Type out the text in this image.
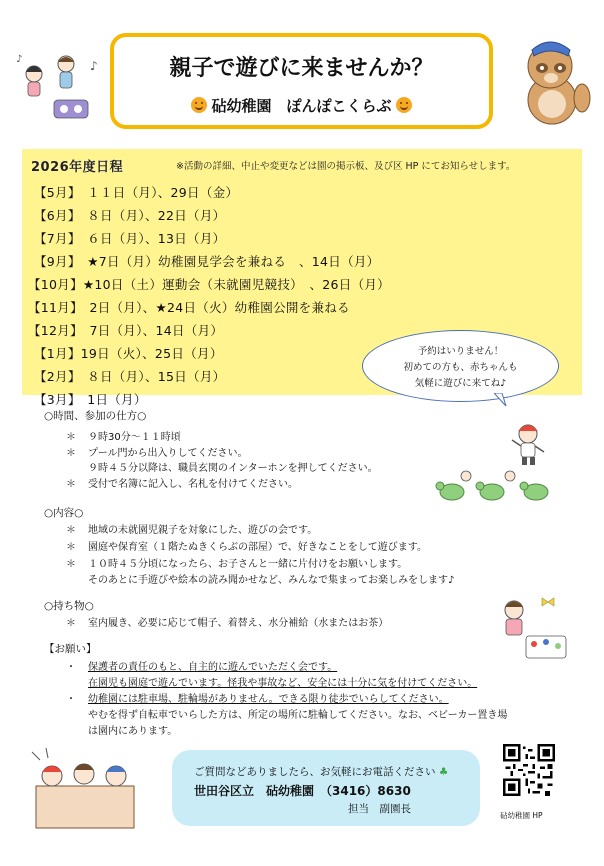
♪
♪	親子で遊びに来ませんか？
砧幼稚園　ぽんぽこくらぶ
2026年度日程	※活動の詳細、中止や変更などは園の掲示板、及び区 HP にてお知らせします。
【5月】　１１日（月）、29日（金）
【6月】　８日（月）、22日（月）
【7月】　６日（月）、13日（月）
【9月】　★7日（月）幼稚園見学会を兼ねる　、14日（月）
【10月】★10日（土）運動会（未就園児競技）　、26日（月）
【11月】　2日（月）、★24日（火）幼稚園公開を兼ねる
【12月】　7日（月）、14日（月）
【1月】19日（火）、25日（月）
【2月】　８日（月）、15日（月）
【3月】　1日（月）
予約はいりません！
初めての方も、赤ちゃんも
気軽に遊びに来てね♪
○時間、参加の仕方○
＊ ９時30分～１１時頃
＊ プール門から出入りしてください。
９時４５分以降は、職員玄関のインターホンを押してください。
＊ 受付で名簿に記入し、名札を付けてください。
○内容○
＊ 地域の未就園児親子を対象にした、遊びの会です。
＊ 園庭や保育室（１階たぬきくらぶの部屋）で、好きなことをして遊びます。
＊ １０時４５分頃になったら、お子さんと一緒に片付けをお願いします。
そのあとに手遊びや絵本の読み聞かせなど、みんなで集まってお楽しみをします♪
○持ち物○
＊ 室内履き、必要に応じて帽子、着替え、水分補給（水またはお茶）
【お願い】
・ 保護者の責任のもと、自主的に遊んでいただく会です。
在園児も園庭で遊んでいます。怪我や事故など、安全には十分に気を付けてください。
・ 幼稚園には駐車場、駐輪場がありません。できる限り徒歩でいらしてください。
やむを得ず自転車でいらした方は、所定の場所に駐輪してください。なお、ベビーカー置き場
は園内にあります。
ご質問などありましたら、お気軽にお電話ください ♣
世田谷区立　砧幼稚園　（3416）8630
担当　副園長
砧幼稚園 HP
